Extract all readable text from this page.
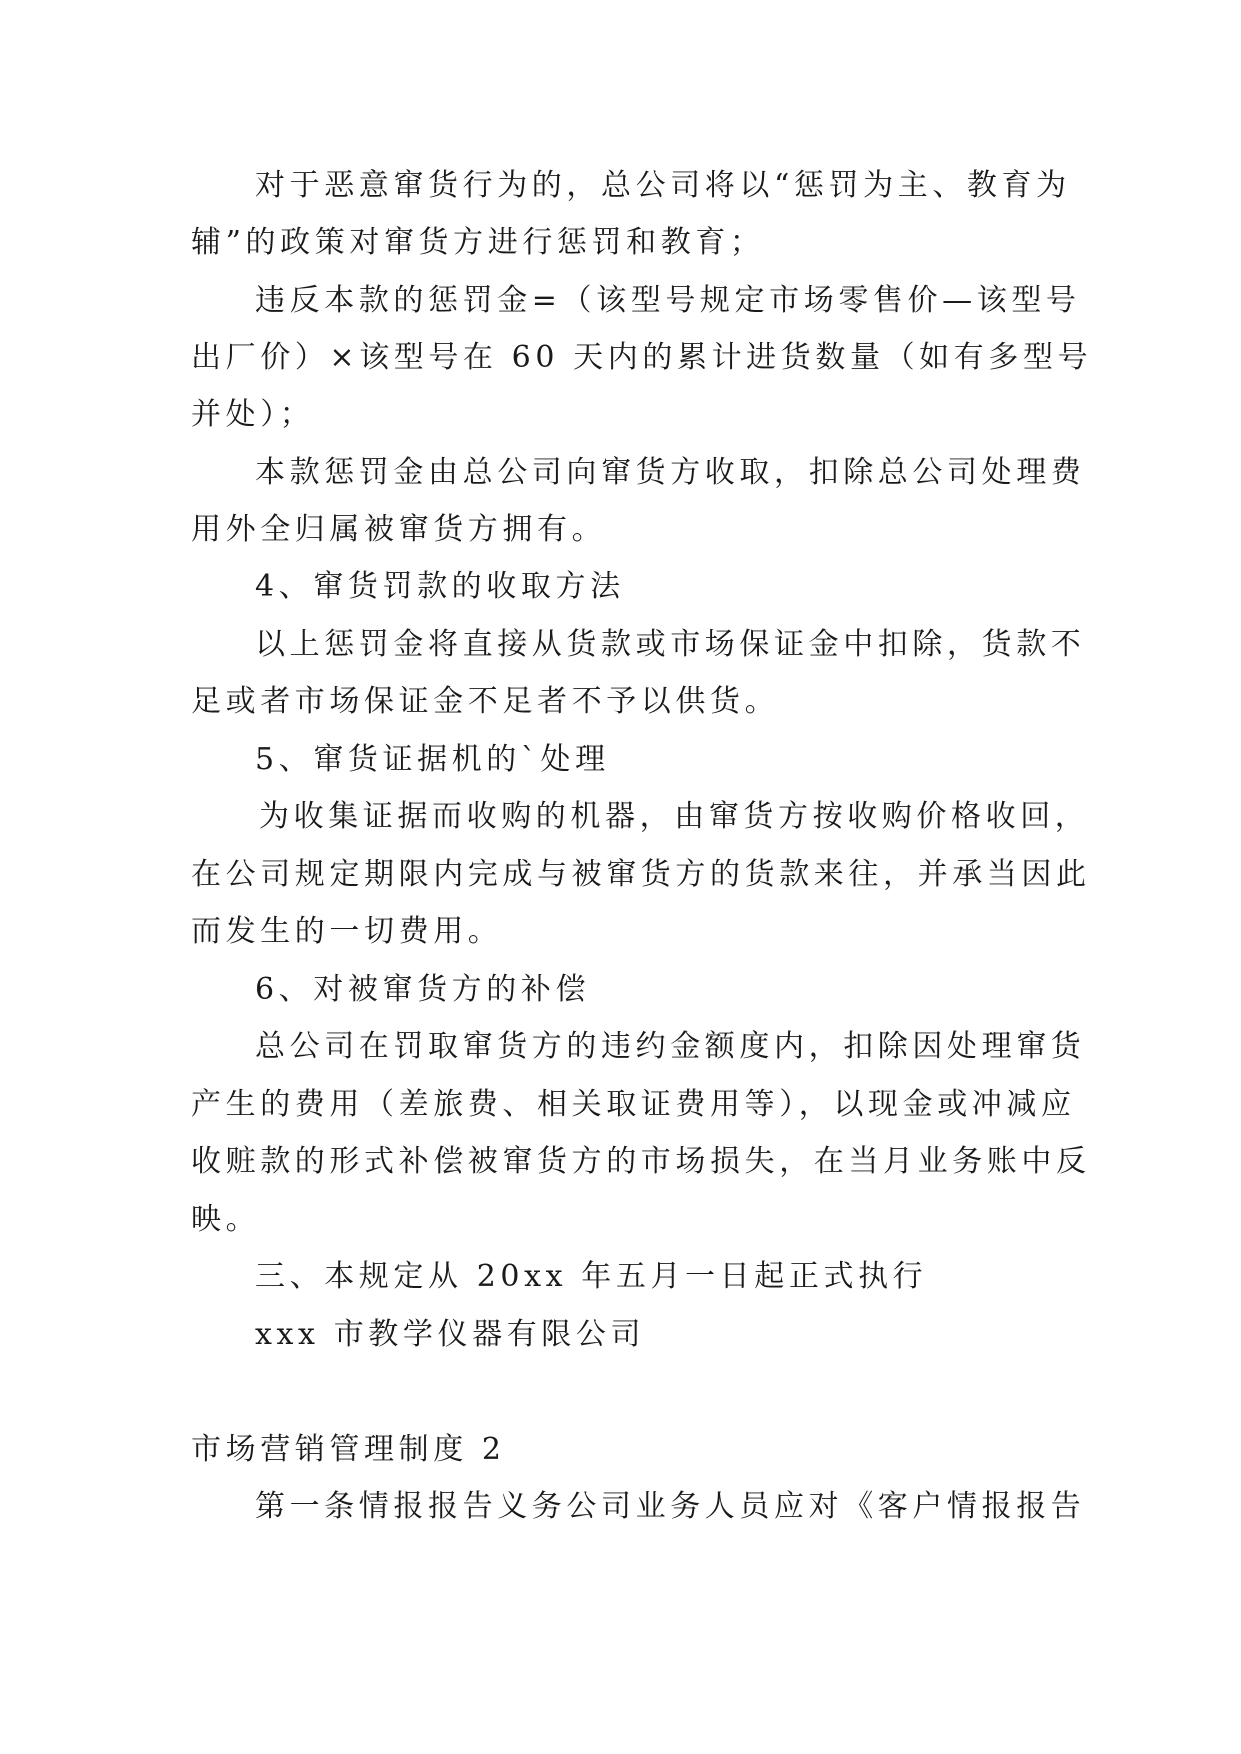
对于恶意窜货行为的，总公司将以“惩罚为主、教育为
辅”的政策对窜货方进行惩罚和教育；
违反本款的惩罚金=（该型号规定市场零售价—该型号
出厂价）×该型号在 60 天内的累计进货数量（如有多型号
并处）；
本款惩罚金由总公司向窜货方收取，扣除总公司处理费
用外全归属被窜货方拥有。
4、窜货罚款的收取方法
以上惩罚金将直接从货款或市场保证金中扣除，货款不
足或者市场保证金不足者不予以供货。
5、窜货证据机的`处理
为收集证据而收购的机器，由窜货方按收购价格收回，
在公司规定期限内完成与被窜货方的货款来往，并承当因此
而发生的一切费用。
6、对被窜货方的补偿
总公司在罚取窜货方的违约金额度内，扣除因处理窜货
产生的费用（差旅费、相关取证费用等），以现金或冲减应
收赃款的形式补偿被窜货方的市场损失，在当月业务账中反
映。
三、本规定从 20xx 年五月一日起正式执行
xxx 市教学仪器有限公司
市场营销管理制度 2
第一条情报报告义务公司业务人员应对《客户情报报告
